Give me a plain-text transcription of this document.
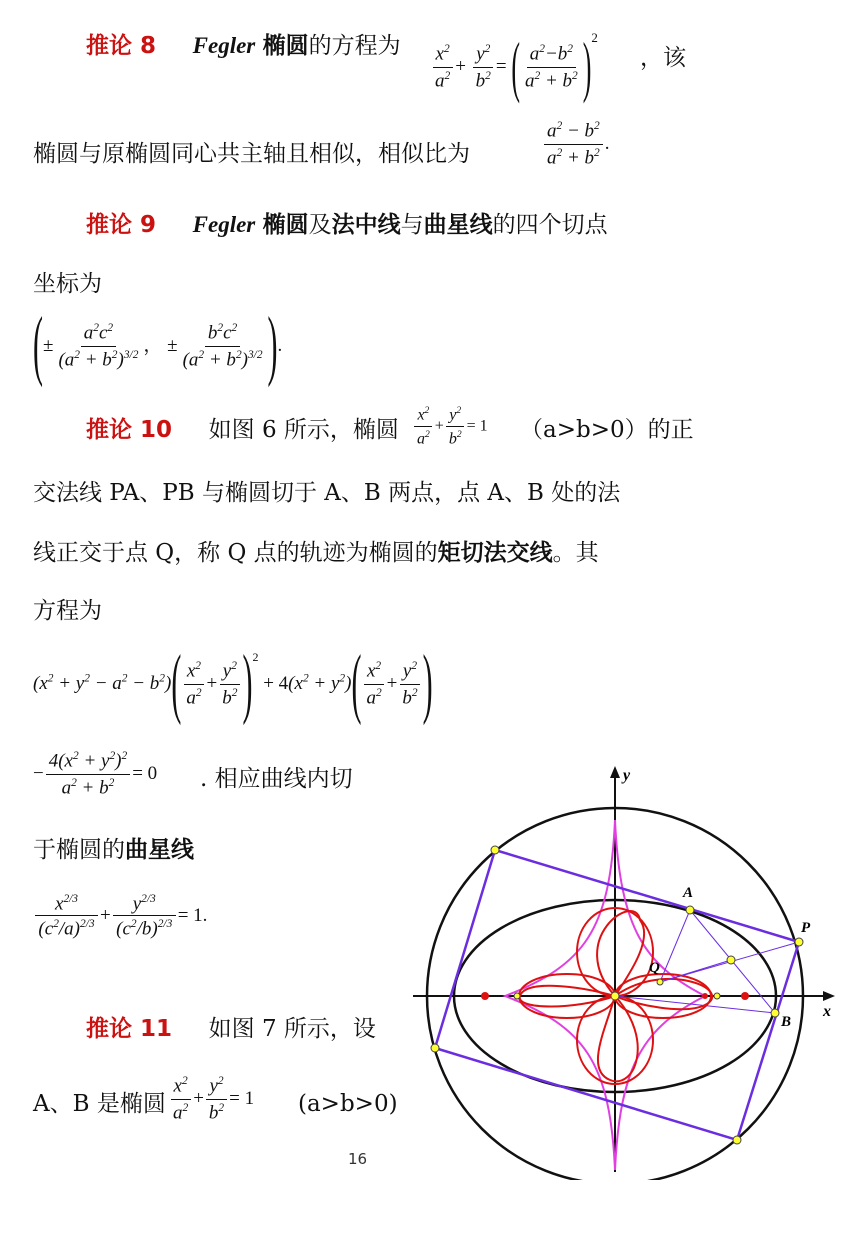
推论 8 Fegler 椭圆的方程为 $\frac{x^2}{a^2} + \frac{y^2}{b^2}$ = ( $\frac{a^2-b^2}{a^2 + b^2} )^2$
，该
椭圆与原椭圆同心共主轴且相似，相似比为	$\frac{a^2 - b^2}{a^2 + b^2}$ .
推论 9 Fegler 椭圆及法中线与曲星线的四个切点
坐标为
(± $\frac{a^2c^2}{(a^2 + b^2)^{3/2}}$ ， ± $\frac{b^2c^2}{(a^2 + b^2)^{3/2}}$ ).
推论 10 如图 6 所示，椭圆 $\frac{x^2}{a^2} + \frac{y^2}{b^2} = 1$ （a>b>0）的正
交法线 PA、PB 与椭圆切于 A、B 两点，点 A、B 处的法
线正交于点 Q，称 Q 点的轨迹为椭圆的矩切法交线。其
方程为
$(x^2 + y^2 - a^2 - b^2)( \frac{x^2}{a^2} + \frac{y^2}{b^2} )^2 + 4(x^2 + y^2)( \frac{x^2}{a^2} + \frac{y^2}{b^2}$ )
− $\frac{4(x^2 + y^2)^2}{a^2 + b^2} = 0$ . 相应曲线内切
于椭圆的曲星线
$\frac{x^{2/3}}{(c^2/a)^{2/3}} + \frac{y^{2/3}}{(c^2/b)^{2/3}} = 1$.
推论 11 如图 7 所示，设
A、B 是椭圆 $\frac{x^2}{a^2} + \frac{y^2}{b^2} = 1$ (a>b>0)
y
x
A
P
Q
B
16
